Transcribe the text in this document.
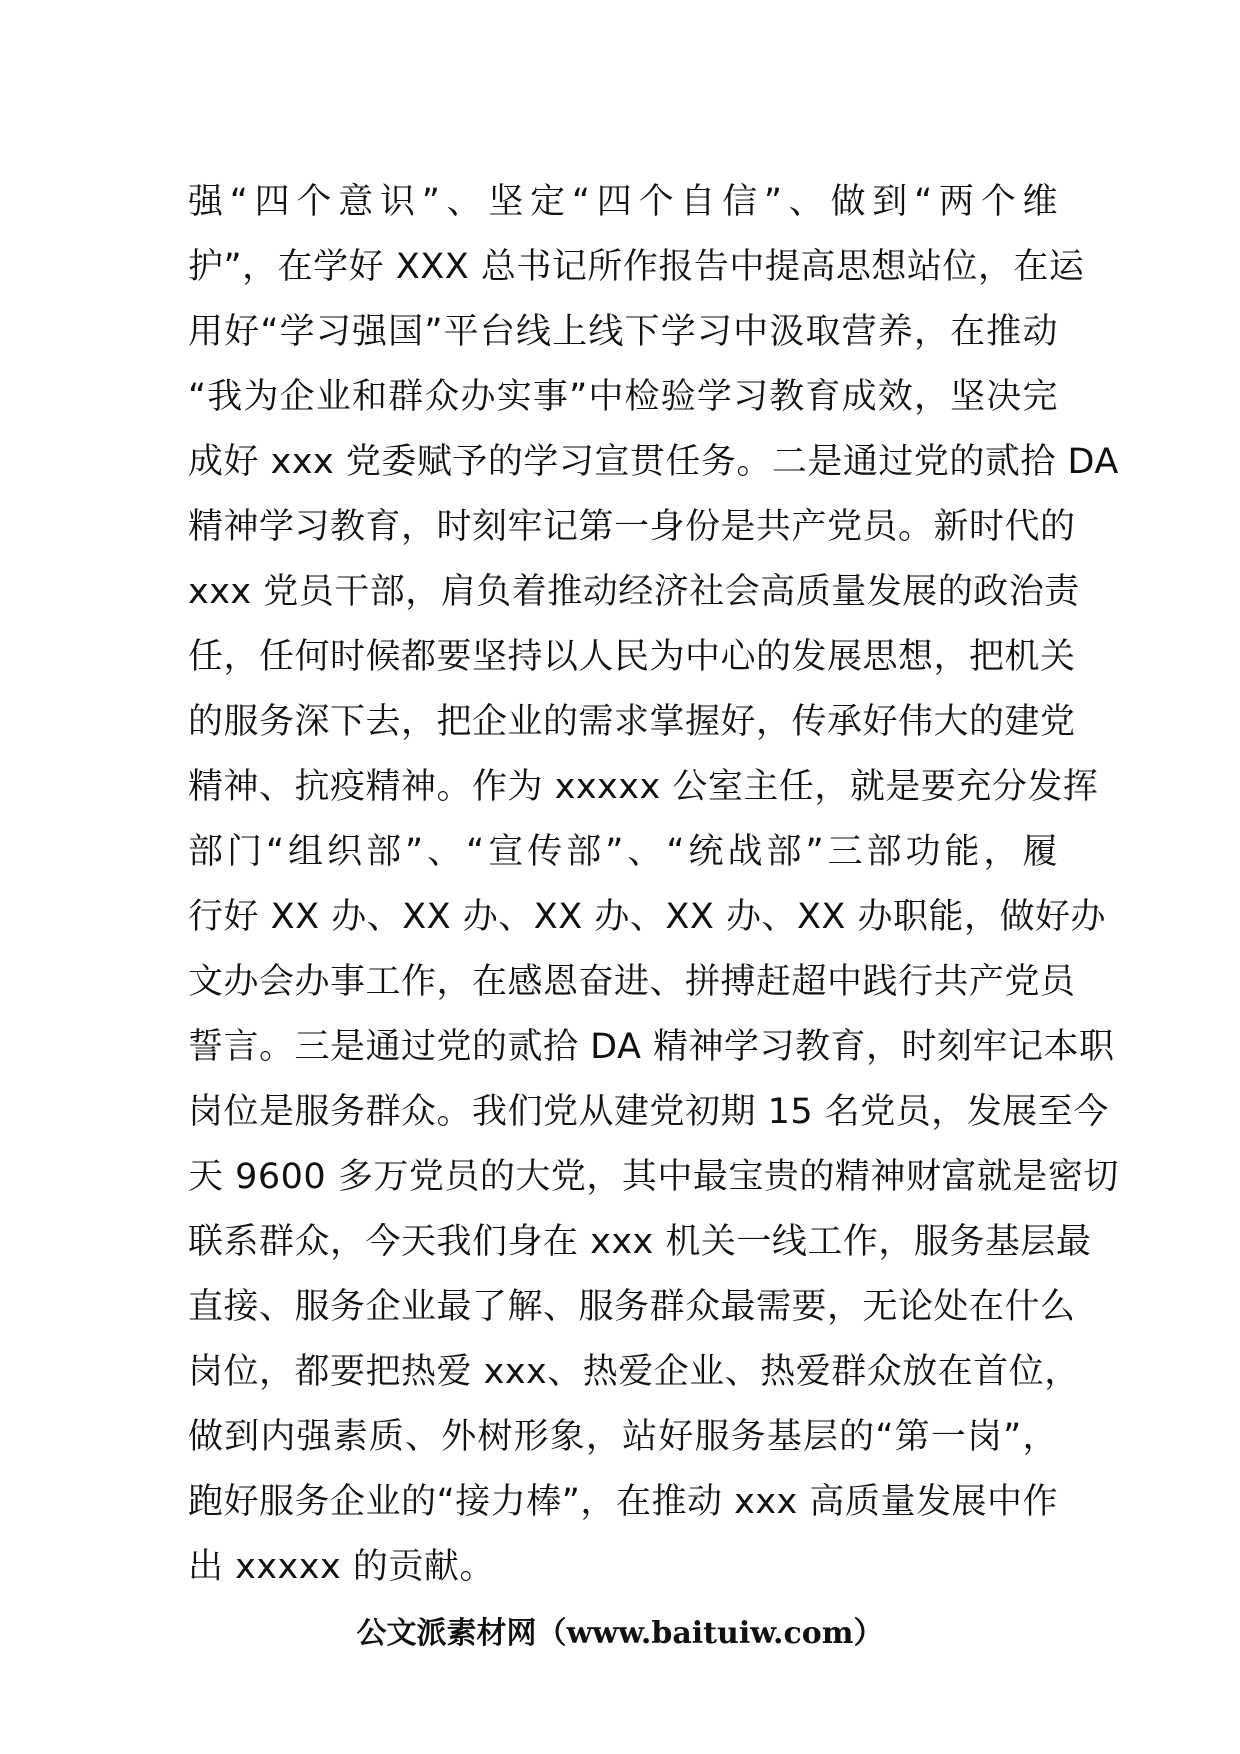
强“四个意识”、坚定“四个自信”、做到“两个维
护”，在学好 XXX 总书记所作报告中提高思想站位，在运
用好“学习强国”平台线上线下学习中汲取营养，在推动
“我为企业和群众办实事”中检验学习教育成效，坚决完
成好 xxx 党委赋予的学习宣贯任务。二是通过党的贰拾 DA
精神学习教育，时刻牢记第一身份是共产党员。新时代的
xxx 党员干部，肩负着推动经济社会高质量发展的政治责
任，任何时候都要坚持以人民为中心的发展思想，把机关
的服务深下去，把企业的需求掌握好，传承好伟大的建党
精神、抗疫精神。作为 xxxxx 公室主任，就是要充分发挥
部门“组织部”、“宣传部”、“统战部”三部功能，履
行好 XX 办、XX 办、XX 办、XX 办、XX 办职能，做好办
文办会办事工作，在感恩奋进、拼搏赶超中践行共产党员
誓言。三是通过党的贰拾 DA 精神学习教育，时刻牢记本职
岗位是服务群众。我们党从建党初期 15 名党员，发展至今
天 9600 多万党员的大党，其中最宝贵的精神财富就是密切
联系群众，今天我们身在 xxx 机关一线工作，服务基层最
直接、服务企业最了解、服务群众最需要，无论处在什么
岗位，都要把热爱 xxx、热爱企业、热爱群众放在首位，
做到内强素质、外树形象，站好服务基层的“第一岗”，
跑好服务企业的“接力棒”，在推动 xxx 高质量发展中作
出 xxxxx 的贡献。
公文派素材网（www.baituiw.com）
